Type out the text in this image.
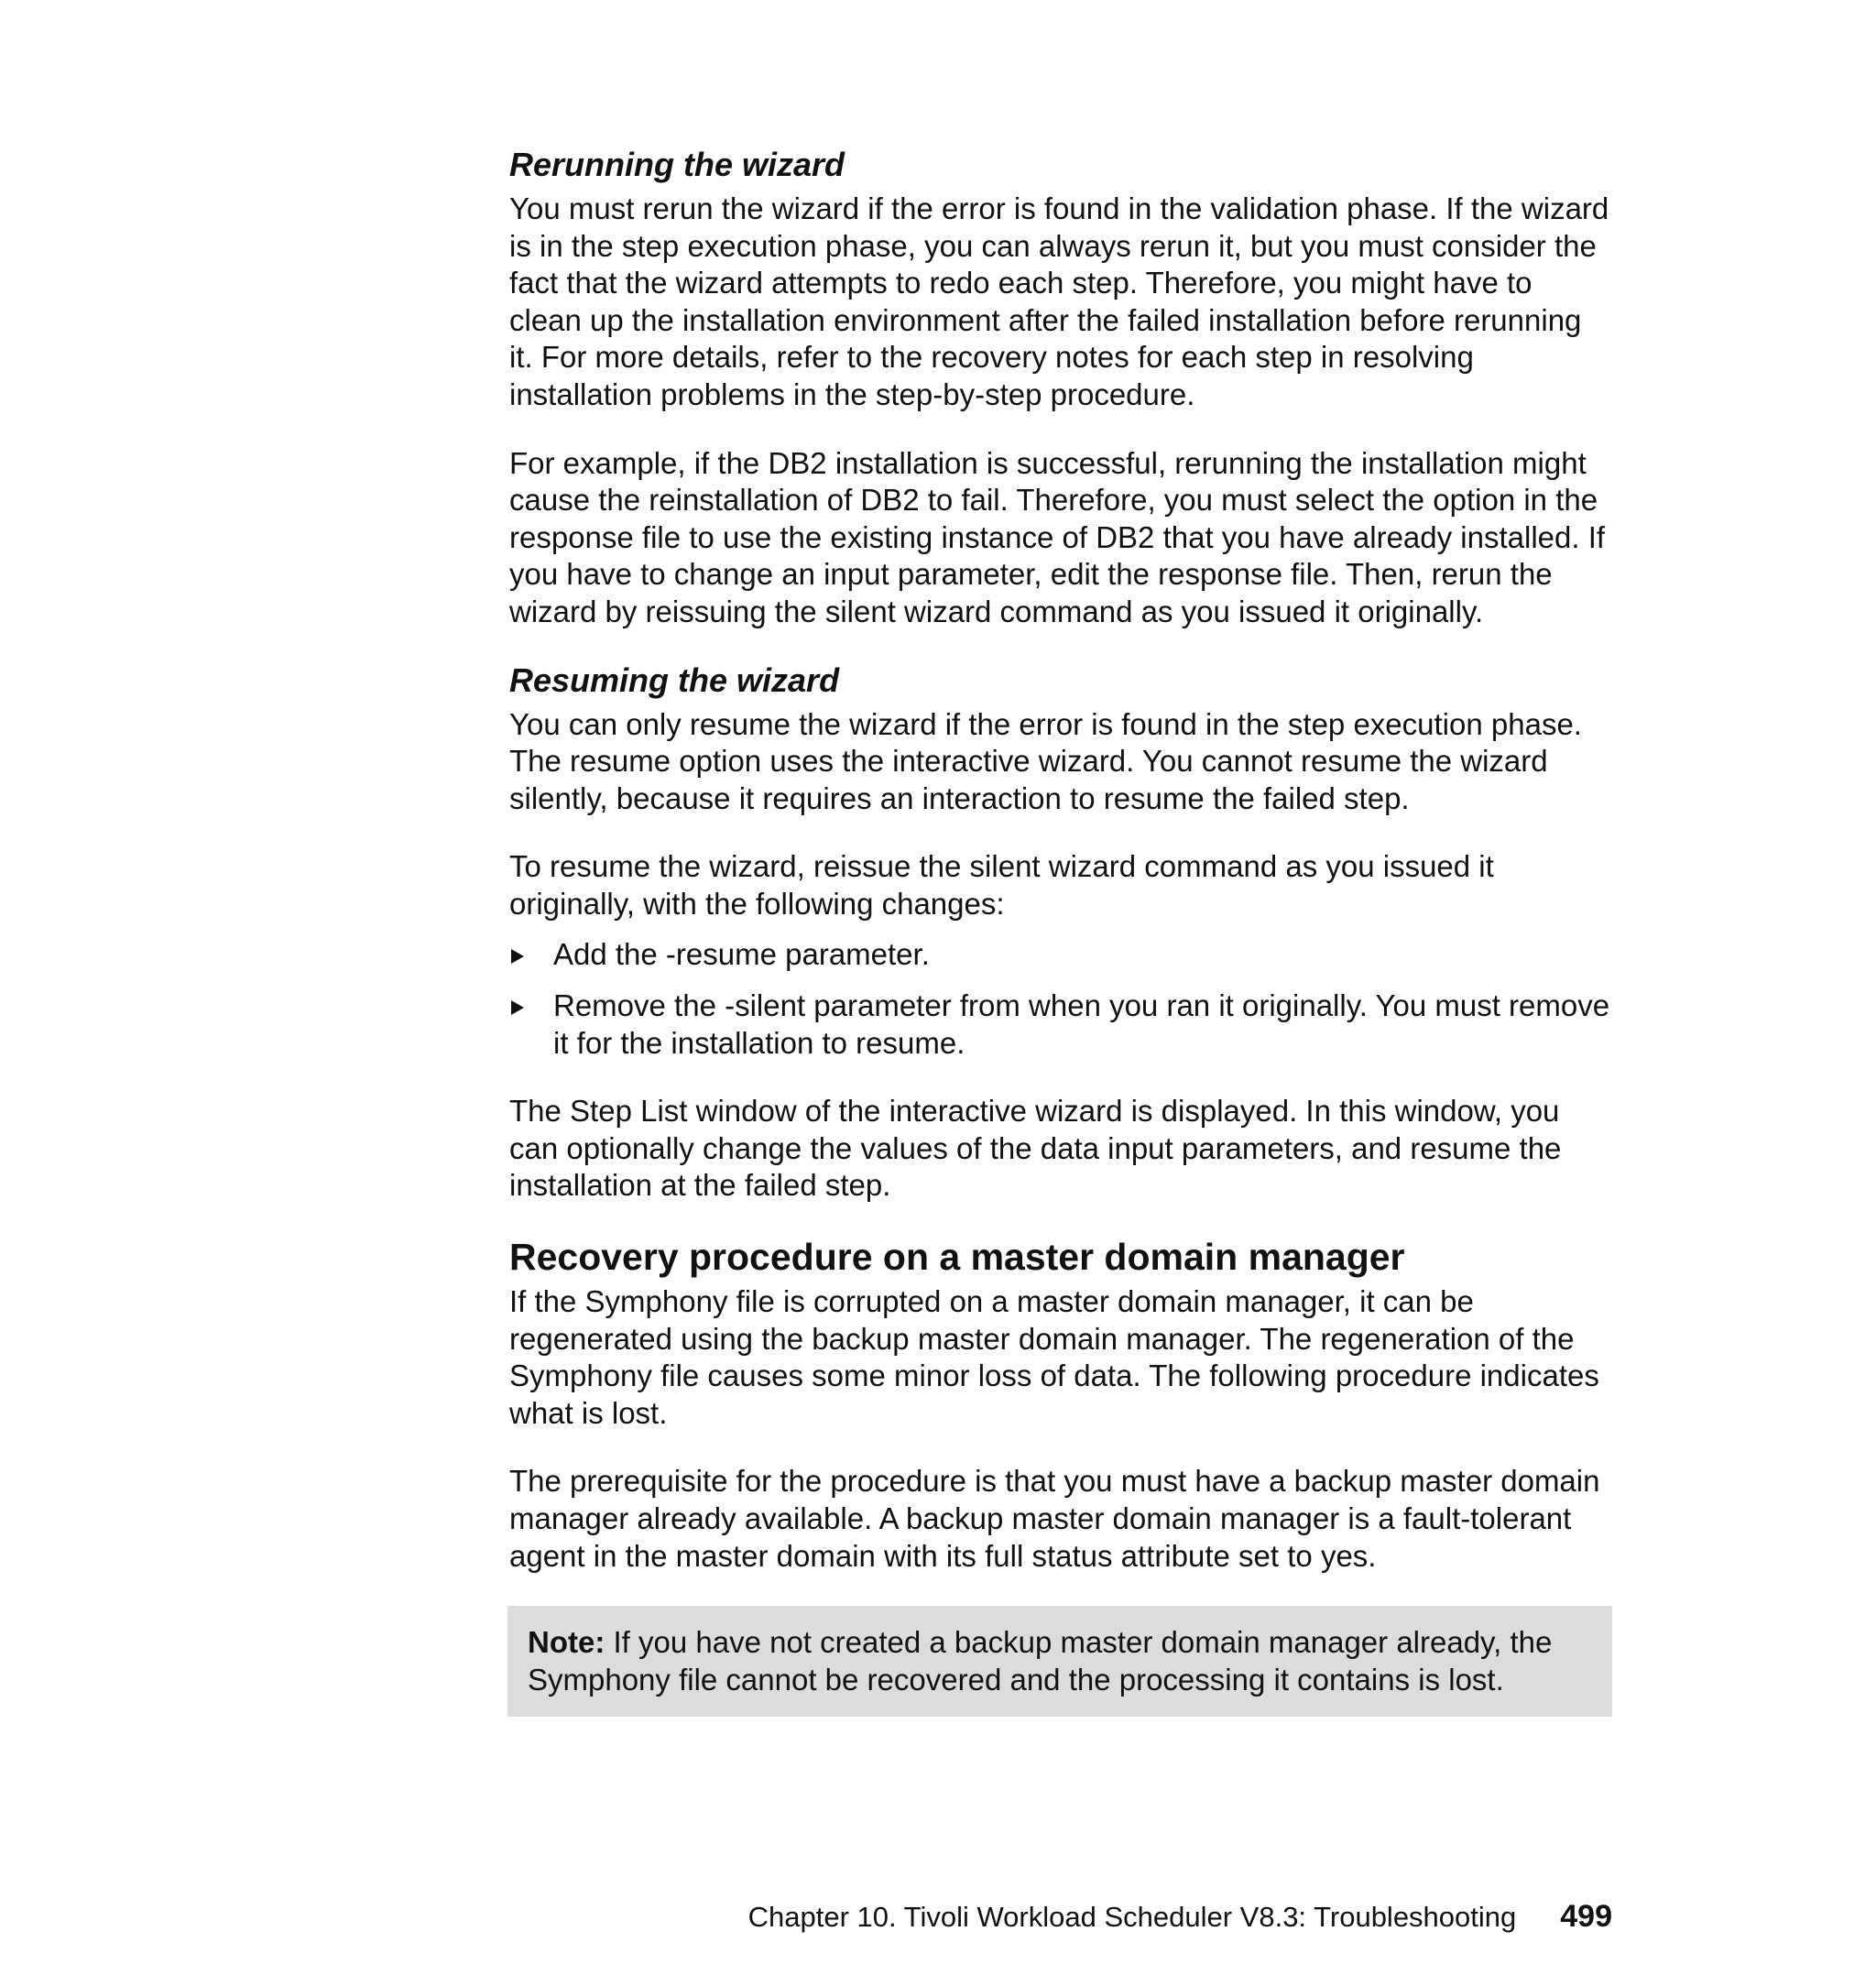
Rerunning the wizard

You must rerun the wizard if the error is found in the validation phase. If the wizard is in the step execution phase, you can always rerun it, but you must consider the fact that the wizard attempts to redo each step. Therefore, you might have to clean up the installation environment after the failed installation before rerunning it. For more details, refer to the recovery notes for each step in resolving installation problems in the step-by-step procedure.

For example, if the DB2 installation is successful, rerunning the installation might cause the reinstallation of DB2 to fail. Therefore, you must select the option in the response file to use the existing instance of DB2 that you have already installed. If you have to change an input parameter, edit the response file. Then, rerun the wizard by reissuing the silent wizard command as you issued it originally.

Resuming the wizard

You can only resume the wizard if the error is found in the step execution phase. The resume option uses the interactive wizard. You cannot resume the wizard silently, because it requires an interaction to resume the failed step.

To resume the wizard, reissue the silent wizard command as you issued it originally, with the following changes:

Add the -resume parameter.
Remove the -silent parameter from when you ran it originally. You must remove it for the installation to resume.

The Step List window of the interactive wizard is displayed. In this window, you can optionally change the values of the data input parameters, and resume the installation at the failed step.

Recovery procedure on a master domain manager

If the Symphony file is corrupted on a master domain manager, it can be regenerated using the backup master domain manager. The regeneration of the Symphony file causes some minor loss of data. The following procedure indicates what is lost.

The prerequisite for the procedure is that you must have a backup master domain manager already available. A backup master domain manager is a fault-tolerant agent in the master domain with its full status attribute set to yes.

Note: If you have not created a backup master domain manager already, the Symphony file cannot be recovered and the processing it contains is lost.

Chapter 10. Tivoli Workload Scheduler V8.3: Troubleshooting 499
